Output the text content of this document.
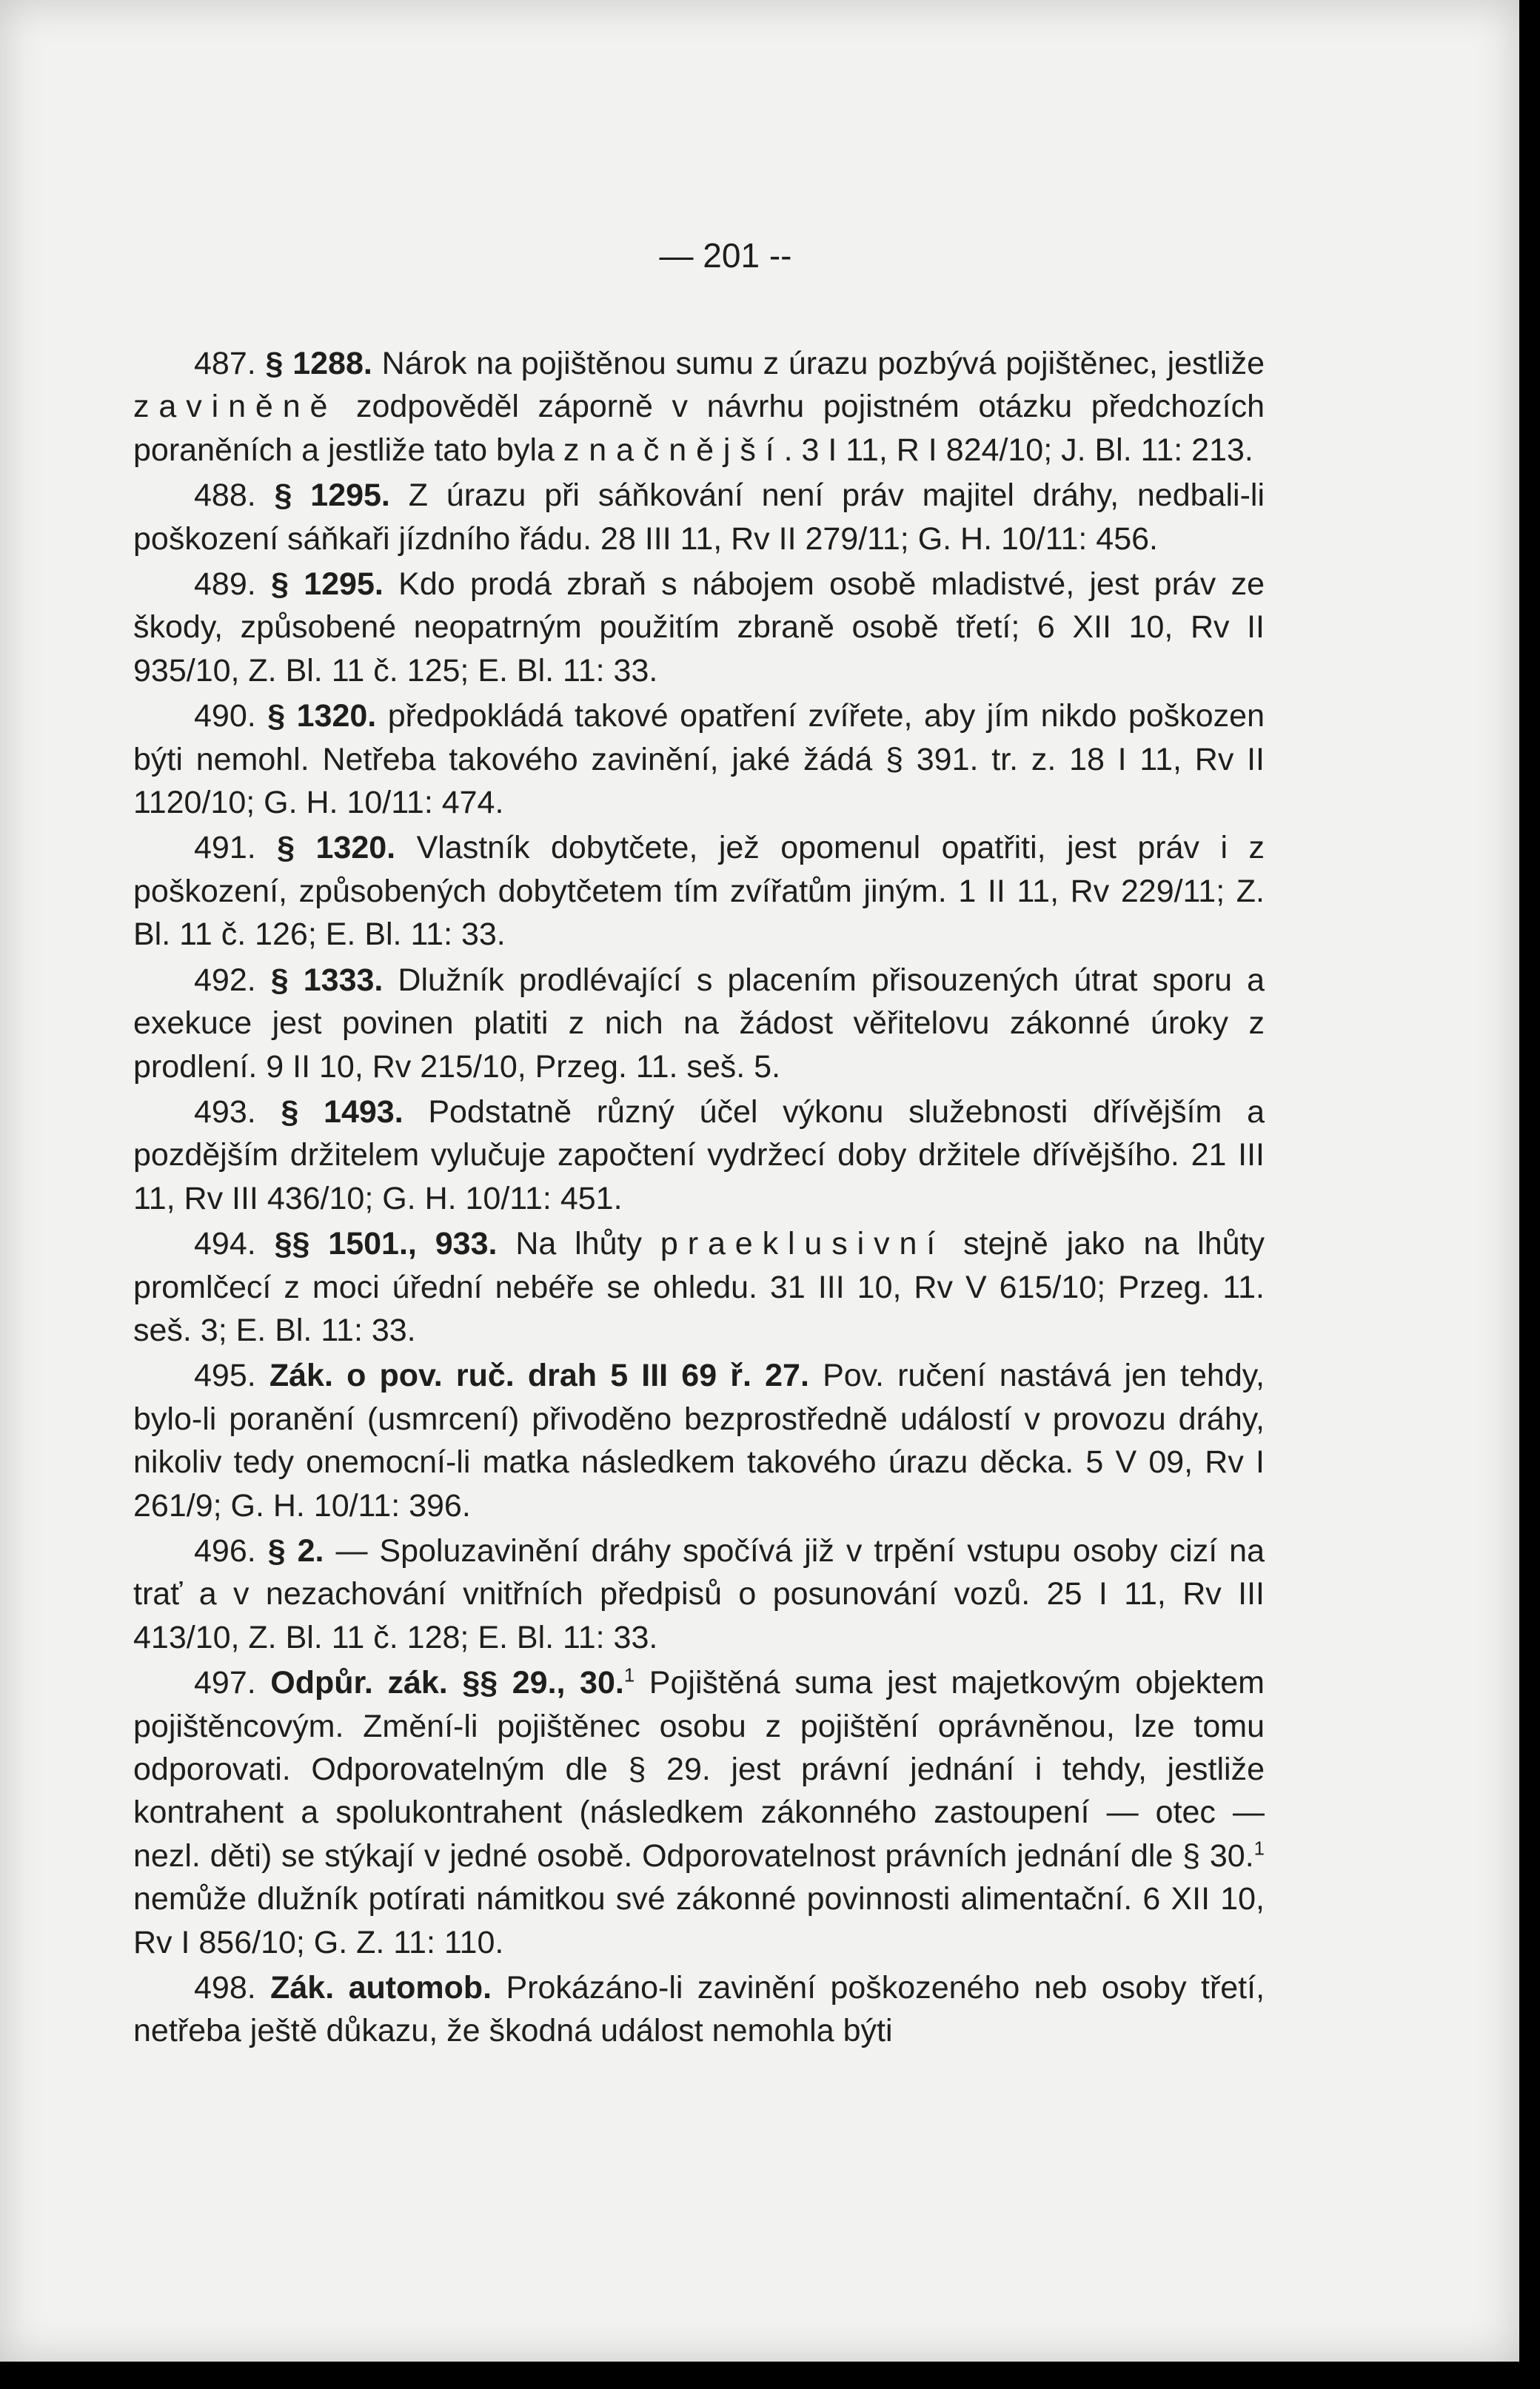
— 201 --

487. § 1288. Nárok na pojištěnou sumu z úrazu pozbývá pojištěnec, jestliže zaviněně zodpověděl záporně v návrhu pojistném otázku předchozích poraněních a jestliže tato byla značnější. 3 I 11, R I 824/10; J. Bl. 11: 213.

488. § 1295. Z úrazu při sáňkování není práv majitel dráhy, nedbali-li poškození sáňkaři jízdního řádu. 28 III 11, Rv II 279/11; G. H. 10/11: 456.

489. § 1295. Kdo prodá zbraň s nábojem osobě mladistvé, jest práv ze škody, způsobené neopatrným použitím zbraně osobě třetí; 6 XII 10, Rv II 935/10, Z. Bl. 11 č. 125; E. Bl. 11: 33.

490. § 1320. předpokládá takové opatření zvířete, aby jím nikdo poškozen býti nemohl. Netřeba takového zavinění, jaké žádá § 391. tr. z. 18 I 11, Rv II 1120/10; G. H. 10/11: 474.

491. § 1320. Vlastník dobytčete, jež opomenul opatřiti, jest práv i z poškození, způsobených dobytčetem tím zvířatům jiným. 1 II 11, Rv 229/11; Z. Bl. 11 č. 126; E. Bl. 11: 33.

492. § 1333. Dlužník prodlévající s placením přisouzených útrat sporu a exekuce jest povinen platiti z nich na žádost věřitelovu zákonné úroky z prodlení. 9 II 10, Rv 215/10, Przeg. 11. seš. 5.

493. § 1493. Podstatně různý účel výkonu služebnosti dřívějším a pozdějším držitelem vylučuje započtení vydržecí doby držitele dřívějšího. 21 III 11, Rv III 436/10; G. H. 10/11: 451.

494. §§ 1501., 933. Na lhůty praeklusivní stejně jako na lhůty promlčecí z moci úřední nebéře se ohledu. 31 III 10, Rv V 615/10; Przeg. 11. seš. 3; E. Bl. 11: 33.

495. Zák. o pov. ruč. drah 5 III 69 ř. 27. Pov. ručení nastává jen tehdy, bylo-li poranění (usmrcení) přivoděno bezprostředně událostí v provozu dráhy, nikoliv tedy onemocní-li matka následkem takového úrazu děcka. 5 V 09, Rv I 261/9; G. H. 10/11: 396.

496. § 2. — Spoluzavinění dráhy spočívá již v trpění vstupu osoby cizí na trať a v nezachování vnitřních předpisů o posunování vozů. 25 I 11, Rv III 413/10, Z. Bl. 11 č. 128; E. Bl. 11: 33.

497. Odpůr. zák. §§ 29., 30.$^1$ Pojištěná suma jest majetkovým objektem pojištěncovým. Změní-li pojištěnec osobu z pojištění oprávněnou, lze tomu odporovati. Odporovatelným dle § 29. jest právní jednání i tehdy, jestliže kontrahent a spolukontrahent (následkem zákonného zastoupení — otec — nezl. děti) se stýkají v jedné osobě. Odporovatelnost právních jednání dle § 30.$^1$ nemůže dlužník potírati námitkou své zákonné povinnosti alimentační. 6 XII 10, Rv I 856/10; G. Z. 11: 110.

498. Zák. automob. Prokázáno-li zavinění poškozeného neb osoby třetí, netřeba ještě důkazu, že škodná událost nemohla býti
